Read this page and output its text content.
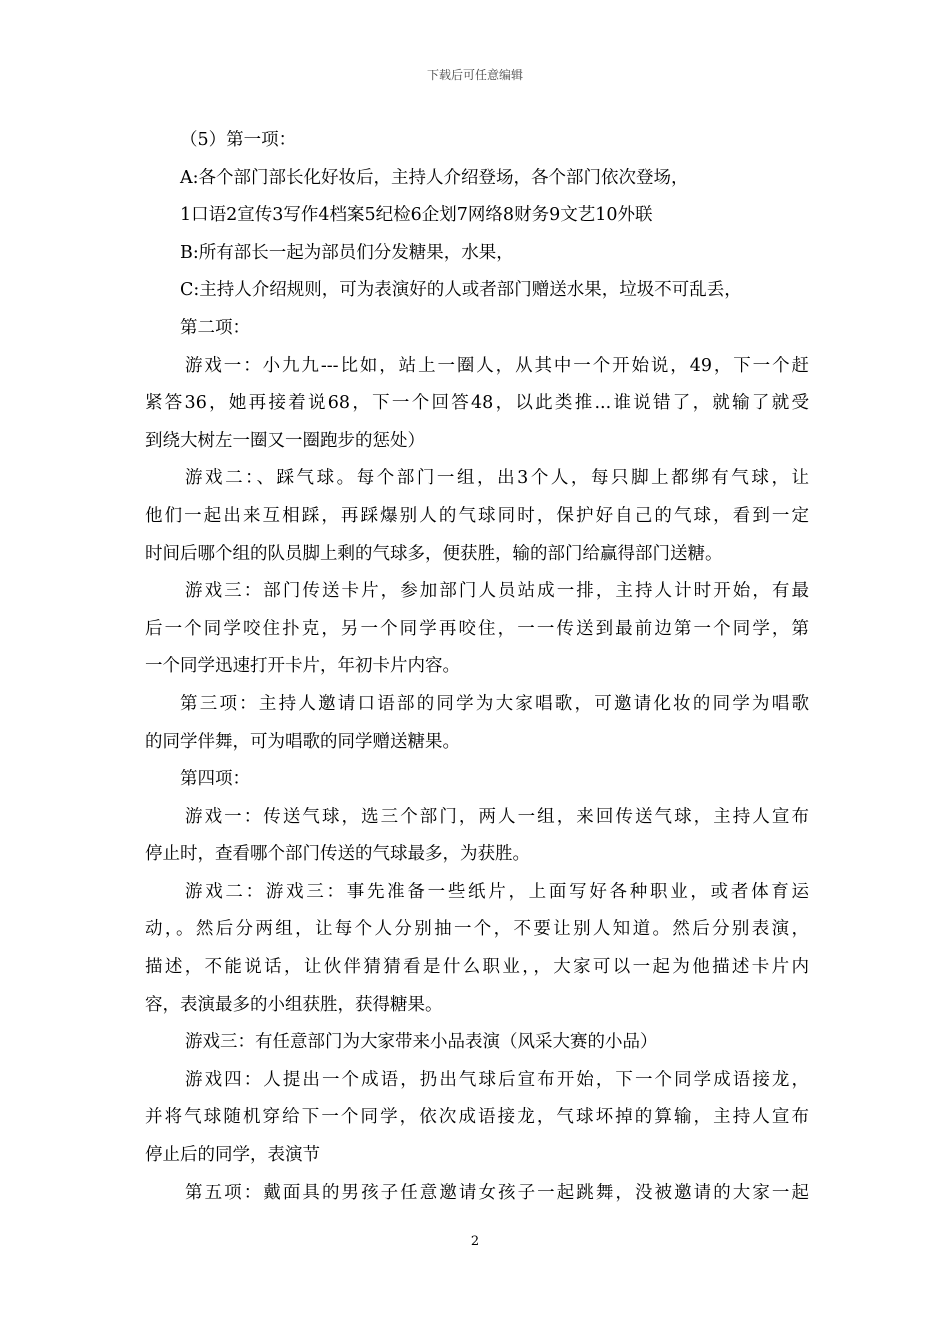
下载后可任意编辑
（5）第一项：
A:各个部门部长化好妆后，主持人介绍登场，各个部门依次登场，
1口语2宣传3写作4档案5纪检6企划7网络8财务9文艺10外联
B:所有部长一起为部员们分发糖果，水果，
C:主持人介绍规则，可为表演好的人或者部门赠送水果，垃圾不可乱丢，
第二项：
游戏一：小九九---比如，站上一圈人，从其中一个开始说，49，下一个赶
紧答36，她再接着说68，下一个回答48，以此类推...谁说错了，就输了就受
到绕大树左一圈又一圈跑步的惩处）
游戏二：、踩气球。每个部门一组，出3个人，每只脚上都绑有气球，让
他们一起出来互相踩，再踩爆别人的气球同时，保护好自己的气球，看到一定
时间后哪个组的队员脚上剩的气球多，便获胜，输的部门给赢得部门送糖。
游戏三：部门传送卡片，参加部门人员站成一排，主持人计时开始，有最
后一个同学咬住扑克，另一个同学再咬住，一一传送到最前边第一个同学，第
一个同学迅速打开卡片，年初卡片内容。
第三项：主持人邀请口语部的同学为大家唱歌，可邀请化妆的同学为唱歌
的同学伴舞，可为唱歌的同学赠送糖果。
第四项：
游戏一：传送气球，选三个部门，两人一组，来回传送气球，主持人宣布
停止时，查看哪个部门传送的气球最多，为获胜。
游戏二：游戏三：事先准备一些纸片，上面写好各种职业，或者体育运
动，。然后分两组，让每个人分别抽一个，不要让别人知道。然后分别表演，
描述，不能说话，让伙伴猜猜看是什么职业，，大家可以一起为他描述卡片内
容，表演最多的小组获胜，获得糖果。
游戏三：有任意部门为大家带来小品表演（风采大赛的小品）
游戏四：人提出一个成语，扔出气球后宣布开始，下一个同学成语接龙，
并将气球随机穿给下一个同学，依次成语接龙，气球坏掉的算输，主持人宣布
停止后的同学，表演节
第五项：戴面具的男孩子任意邀请女孩子一起跳舞，没被邀请的大家一起
2
